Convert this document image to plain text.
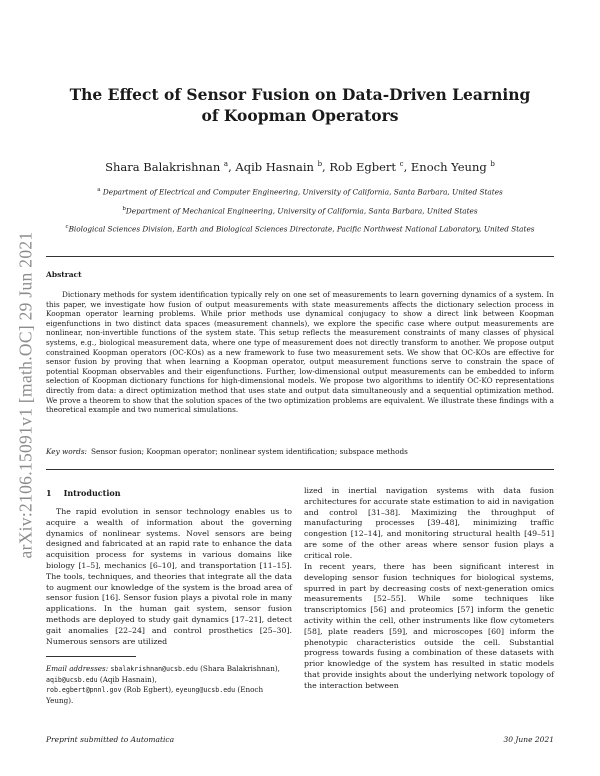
arXiv:2106.15091v1 [math.OC] 29 Jun 2021
The Effect of Sensor Fusion on Data-Driven Learning of Koopman Operators
Shara Balakrishnan $^a$, Aqib Hasnain $^b$, Rob Egbert $^c$, Enoch Yeung $^b$
$^a$ Department of Electrical and Computer Engineering, University of California, Santa Barbara, United States
$^b$Department of Mechanical Engineering, University of California, Santa Barbara, United States
$^c$Biological Sciences Division, Earth and Biological Sciences Directorate, Pacific Northwest National Laboratory, United States
Abstract

Dictionary methods for system identification typically rely on one set of measurements to learn governing dynamics of a system. In this paper, we investigate how fusion of output measurements with state measurements affects the dictionary selection process in Koopman operator learning problems. While prior methods use dynamical conjugacy to show a direct link between Koopman eigenfunctions in two distinct data spaces (measurement channels), we explore the specific case where output measurements are nonlinear, non-invertible functions of the system state. This setup reflects the measurement constraints of many classes of physical systems, e.g., biological measurement data, where one type of measurement does not directly transform to another. We propose output constrained Koopman operators (OC-KOs) as a new framework to fuse two measurement sets. We show that OC-KOs are effective for sensor fusion by proving that when learning a Koopman operator, output measurement functions serve to constrain the space of potential Koopman observables and their eigenfunctions. Further, low-dimensional output measurements can be embedded to inform selection of Koopman dictionary functions for high-dimensional models. We propose two algorithms to identify OC-KO representations directly from data: a direct optimization method that uses state and output data simultaneously and a sequential optimization method. We prove a theorem to show that the solution spaces of the two optimization problems are equivalent. We illustrate these findings with a theoretical example and two numerical simulations.

Key words: Sensor fusion; Koopman operator; nonlinear system identification; subspace methods
1 Introduction

The rapid evolution in sensor technology enables us to acquire a wealth of information about the governing dynamics of nonlinear systems. Novel sensors are being designed and fabricated at an rapid rate to enhance the data acquisition process for systems in various domains like biology [1–5], mechanics [6–10], and transportation [11–15]. The tools, techniques, and theories that integrate all the data to augment our knowledge of the system is the broad area of sensor fusion [16]. Sensor fusion plays a pivotal role in many applications. In the human gait system, sensor fusion methods are deployed to study gait dynamics [17–21], detect gait anomalies [22–24] and control prosthetics [25–30]. Numerous sensors are utilized

lized in inertial navigation systems with data fusion architectures for accurate state estimation to aid in navigation and control [31–38]. Maximizing the throughput of manufacturing processes [39–48], minimizing traffic congestion [12–14], and monitoring structural health [49–51] are some of the other areas where sensor fusion plays a critical role.

In recent years, there has been significant interest in developing sensor fusion techniques for biological systems, spurred in part by decreasing costs of next-generation omics measurements [52–55]. While some techniques like transcriptomics [56] and proteomics [57] inform the genetic activity within the cell, other instruments like flow cytometers [58], plate readers [59], and microscopes [60] inform the phenotypic characteristics outside the cell. Substantial progress towards fusing a combination of these datasets with prior knowledge of the system has resulted in static models that provide insights about the underlying network topology of the interaction between

Email addresses: sbalakrishnan@ucsb.edu (Shara Balakrishnan), aqib@ucsb.edu (Aqib Hasnain),
rob.egbert@pnnl.gov (Rob Egbert), eyeung@ucsb.edu (Enoch Yeung).
Preprint submitted to Automatica	30 June 2021
